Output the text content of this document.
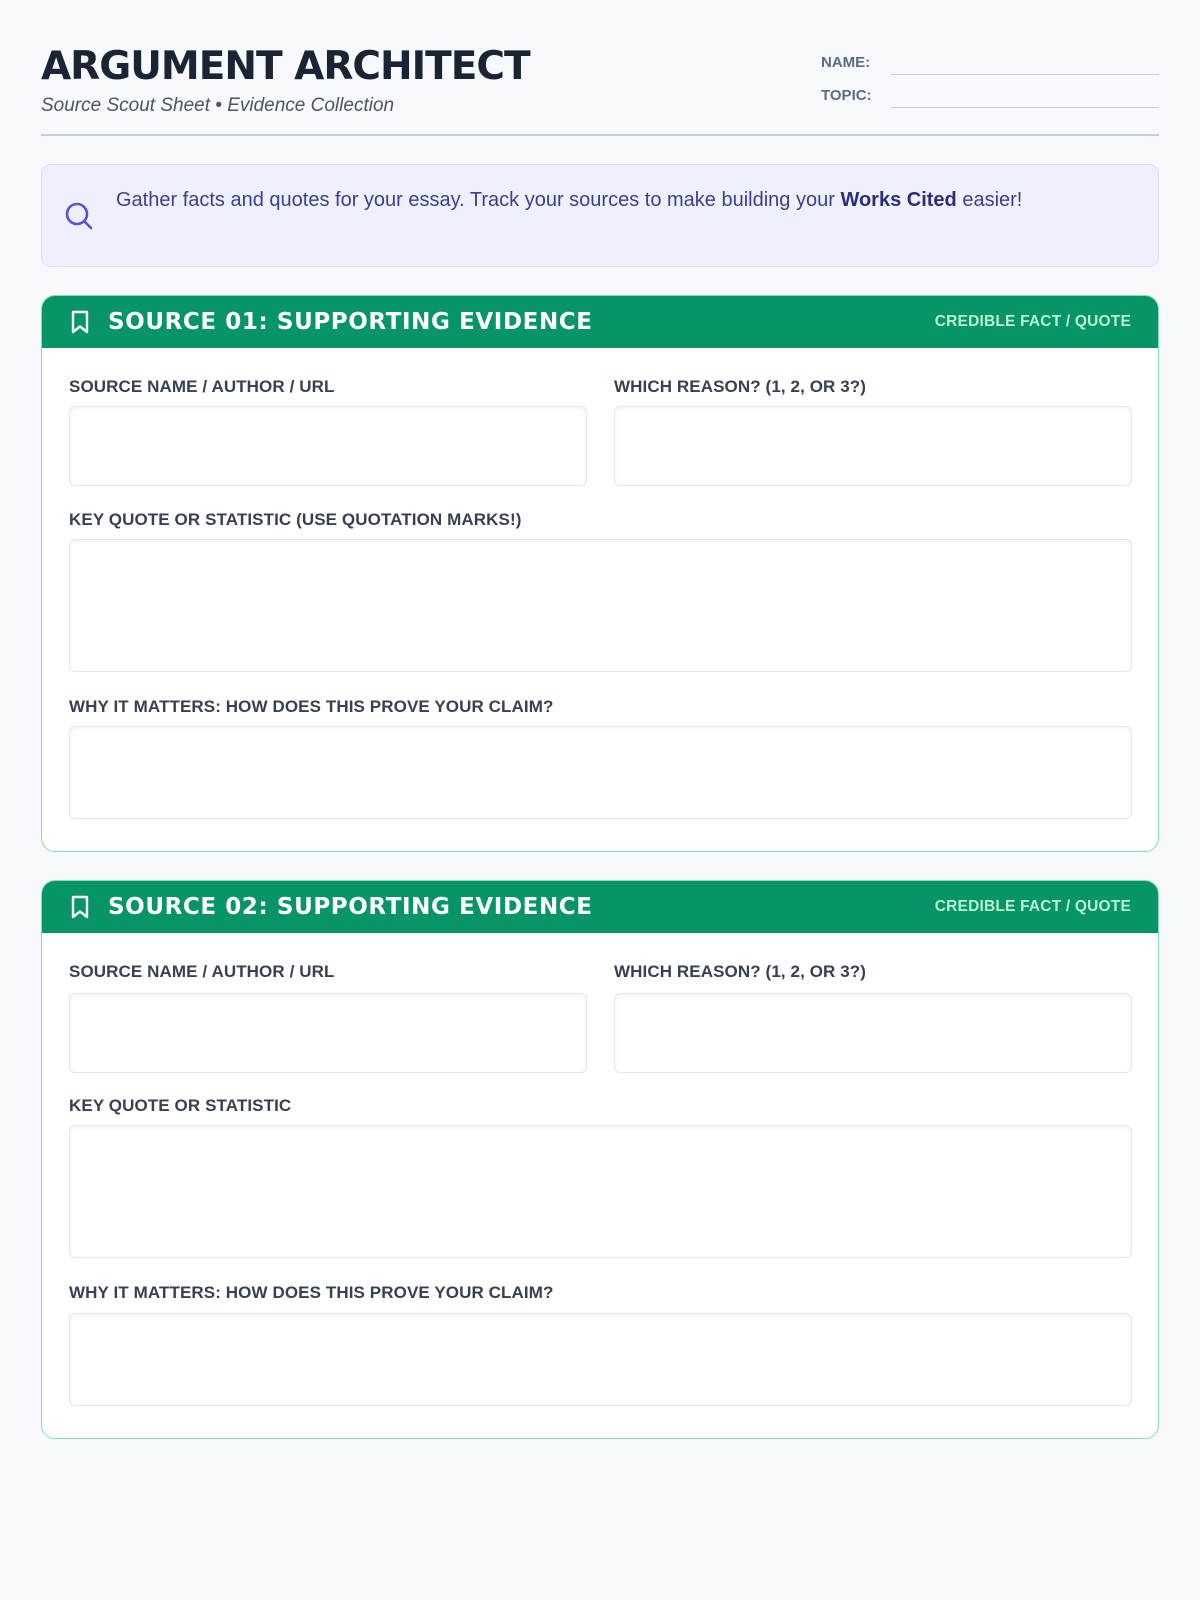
ARGUMENT ARCHITECT
Source Scout Sheet • Evidence Collection
NAME:
TOPIC:
Gather facts and quotes for your essay. Track your sources to make building your Works Cited easier!
SOURCE 01: SUPPORTING EVIDENCE	CREDIBLE FACT / QUOTE
SOURCE NAME / AUTHOR / URL	WHICH REASON? (1, 2, OR 3?)
KEY QUOTE OR STATISTIC (USE QUOTATION MARKS!)
WHY IT MATTERS: HOW DOES THIS PROVE YOUR CLAIM?
SOURCE 02: SUPPORTING EVIDENCE	CREDIBLE FACT / QUOTE
SOURCE NAME / AUTHOR / URL	WHICH REASON? (1, 2, OR 3?)
KEY QUOTE OR STATISTIC
WHY IT MATTERS: HOW DOES THIS PROVE YOUR CLAIM?
